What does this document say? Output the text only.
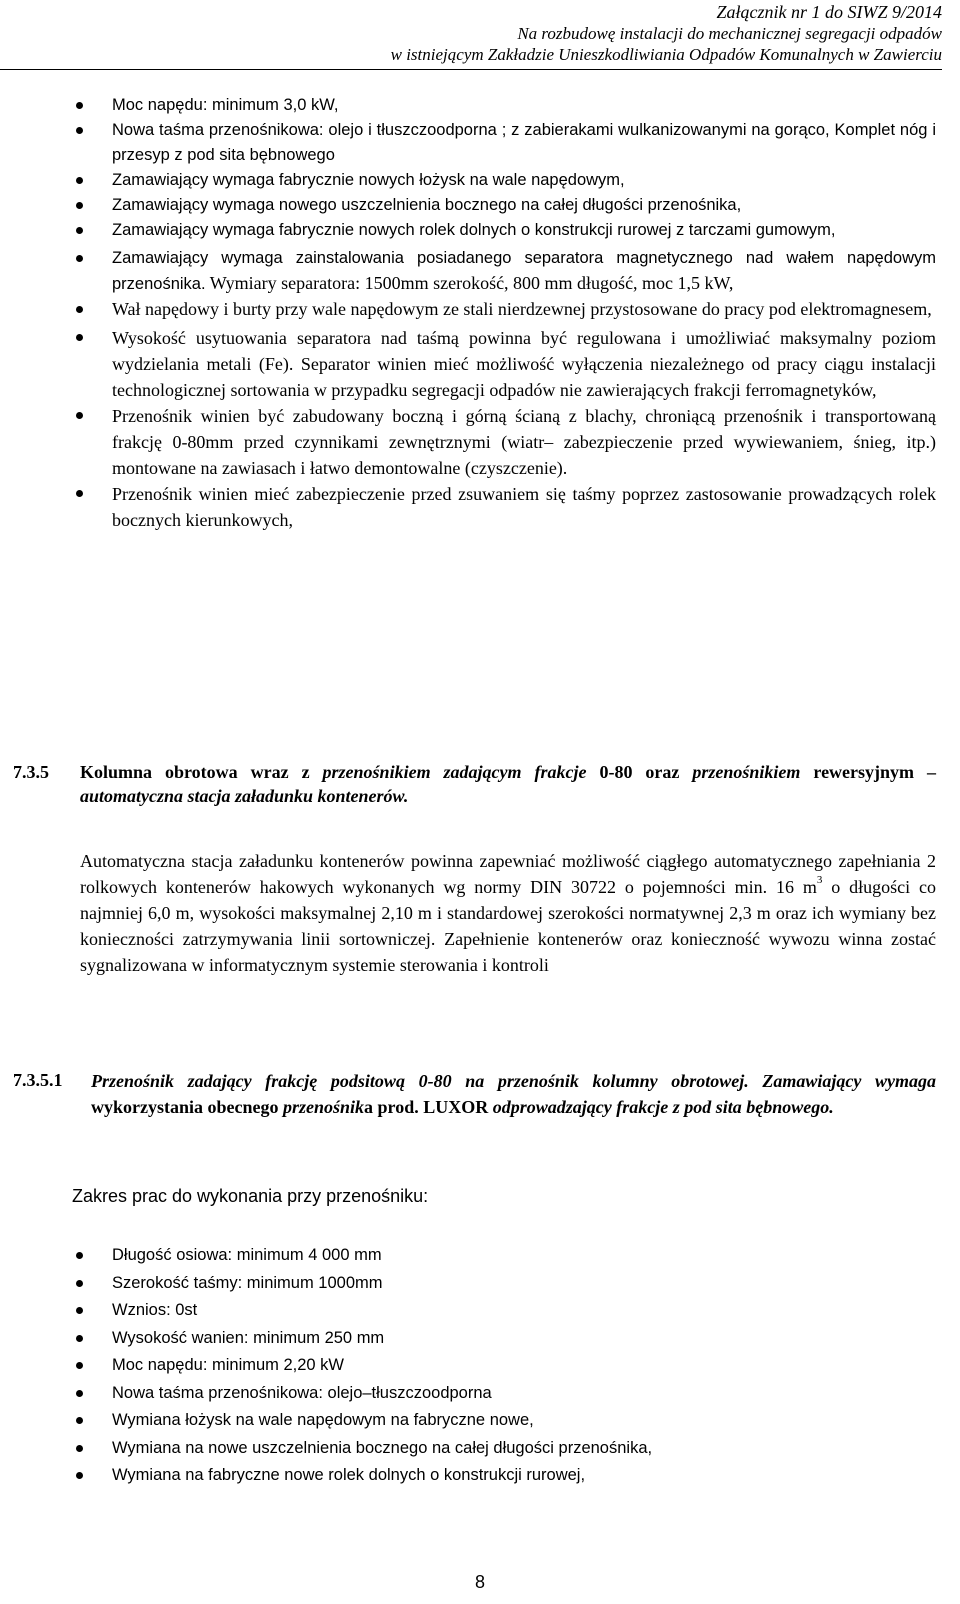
Załącznik nr 1 do SIWZ 9/2014
Na rozbudowę instalacji do mechanicznej segregacji odpadów
w istniejącym Zakładzie Unieszkodliwiania Odpadów Komunalnych w Zawierciu
Moc napędu: minimum 3,0 kW,
Nowa taśma przenośnikowa: olejo i tłuszczoodporna ; z zabierakami wulkanizowanymi na gorąco, Komplet nóg i przesyp z pod sita bębnowego
Zamawiający wymaga fabrycznie nowych łożysk na wale napędowym,
Zamawiający wymaga nowego uszczelnienia bocznego na całej długości przenośnika,
Zamawiający wymaga fabrycznie nowych rolek dolnych o konstrukcji rurowej z tarczami gumowym,
Zamawiający wymaga zainstalowania posiadanego separatora magnetycznego nad wałem napędowym przenośnika. Wymiary separatora: 1500mm szerokość, 800 mm długość, moc 1,5 kW,
Wał napędowy i burty przy wale napędowym ze stali nierdzewnej przystosowane do pracy pod elektromagnesem,
Wysokość usytuowania separatora nad taśmą powinna być regulowana i umożliwiać maksymalny poziom wydzielania metali (Fe). Separator winien mieć możliwość wyłączenia niezależnego od pracy ciągu instalacji technologicznej sortowania w przypadku segregacji odpadów nie zawierających frakcji ferromagnetyków,
Przenośnik winien być zabudowany boczną i górną ścianą z blachy, chroniącą przenośnik i transportowaną frakcję 0-80mm przed czynnikami zewnętrznymi (wiatr– zabezpieczenie przed wywiewaniem, śnieg, itp.) montowane na zawiasach i łatwo demontowalne (czyszczenie).
Przenośnik winien mieć zabezpieczenie przed zsuwaniem się taśmy poprzez zastosowanie prowadzących rolek bocznych kierunkowych,
7.3.5	Kolumna obrotowa wraz z przenośnikiem zadającym frakcje 0-80 oraz przenośnikiem rewersyjnym – automatyczna stacja załadunku kontenerów.
Automatyczna stacja załadunku kontenerów powinna zapewniać możliwość ciągłego automatycznego zapełniania 2 rolkowych kontenerów hakowych wykonanych wg normy DIN 30722 o pojemności min. 16 $m^3$ o długości co najmniej 6,0 m, wysokości maksymalnej 2,10 m i standardowej szerokości normatywnej 2,3 m oraz ich wymiany bez konieczności zatrzymywania linii sortowniczej. Zapełnienie kontenerów oraz konieczność wywozu winna zostać sygnalizowana w informatycznym systemie sterowania i kontroli
7.3.5.1 Przenośnik zadający frakcję podsitową 0-80 na przenośnik kolumny obrotowej. Zamawiający wymaga wykorzystania obecnego przenośnika prod. LUXOR odprowadzający frakcje z pod sita bębnowego.
Zakres prac do wykonania przy przenośniku:
Długość osiowa: minimum 4 000 mm
Szerokość taśmy: minimum 1000mm
Wznios: 0st
Wysokość wanien: minimum 250 mm
Moc napędu: minimum 2,20 kW
Nowa taśma przenośnikowa: olejo–tłuszczoodporna
Wymiana łożysk na wale napędowym na fabryczne nowe,
Wymiana na nowe uszczelnienia bocznego na całej długości przenośnika,
Wymiana na fabryczne nowe rolek dolnych o konstrukcji rurowej,
8
